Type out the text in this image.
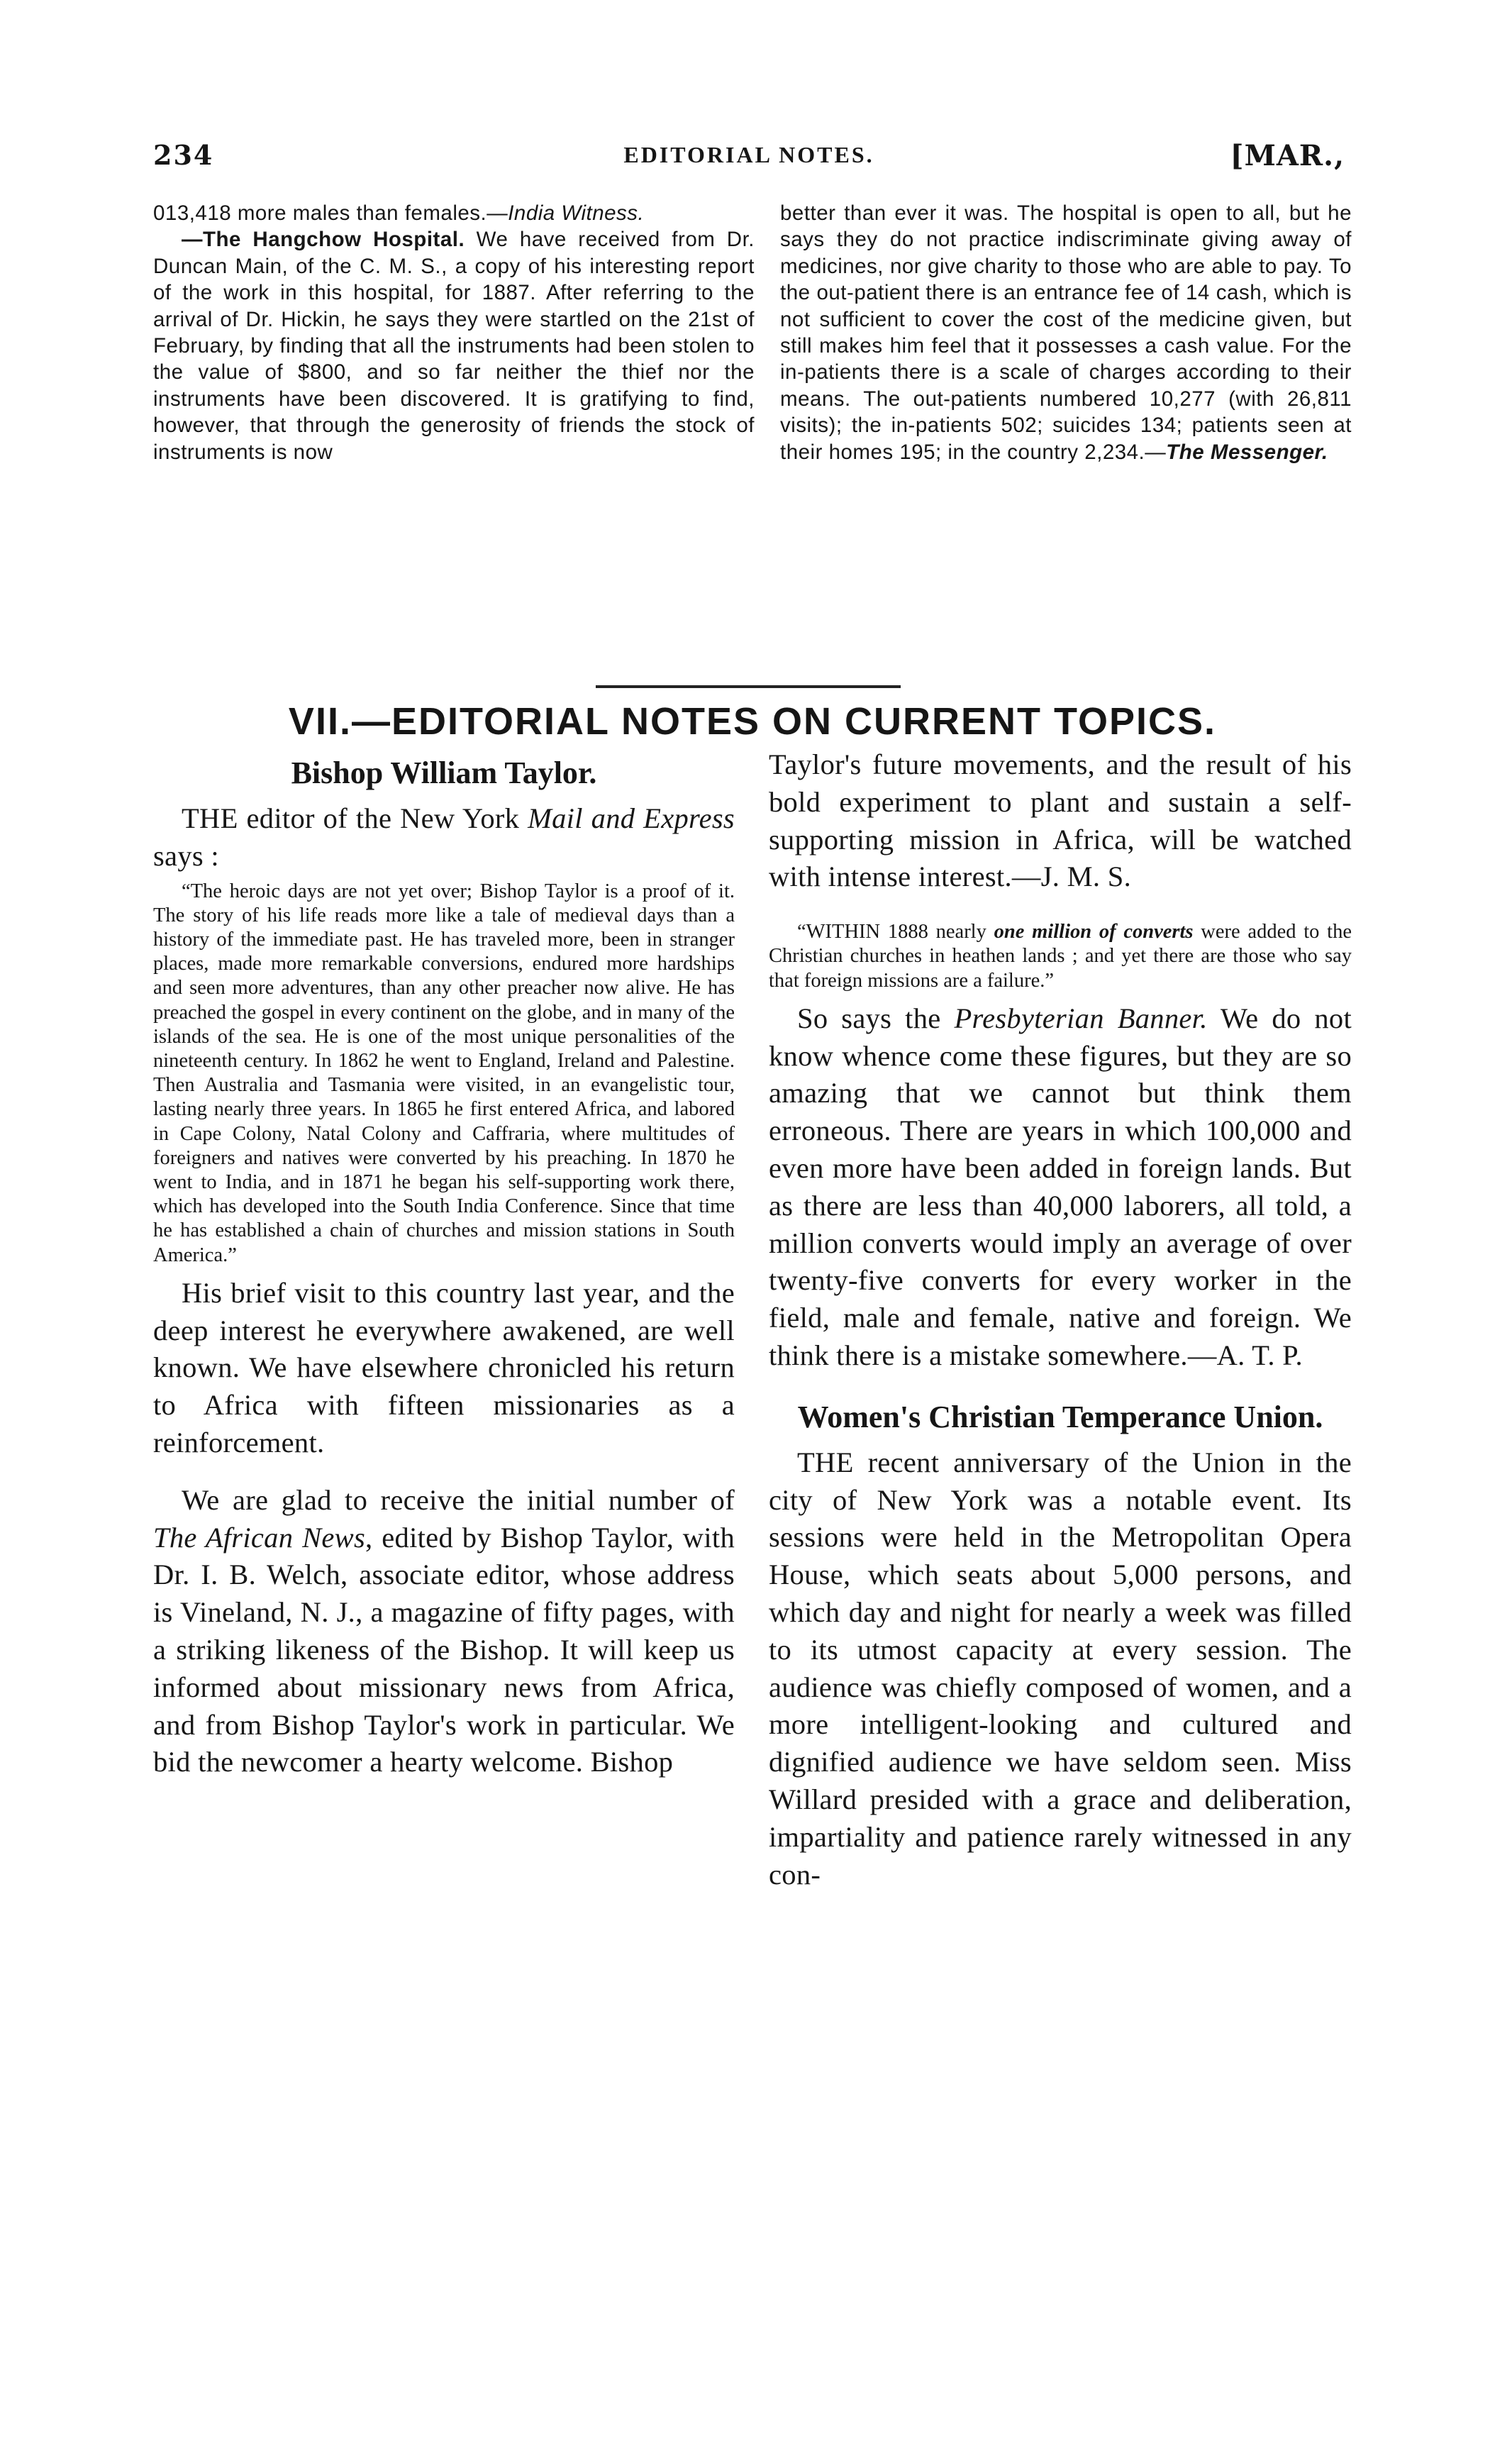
234	EDITORIAL NOTES.	[MAR.,

013,418 more males than females.—India Witness.

—The Hangchow Hospital. We have received from Dr. Duncan Main, of the C. M. S., a copy of his interesting report of the work in this hospital, for 1887. After referring to the arrival of Dr. Hickin, he says they were startled on the 21st of February, by finding that all the instruments had been stolen to the value of $800, and so far neither the thief nor the instruments have been discovered. It is gratifying to find, however, that through the generosity of friends the stock of instruments is now

better than ever it was. The hospital is open to all, but he says they do not practice indiscriminate giving away of medicines, nor give charity to those who are able to pay. To the out-patient there is an entrance fee of 14 cash, which is not sufficient to cover the cost of the medicine given, but still makes him feel that it possesses a cash value. For the in-patients there is a scale of charges according to their means. The out-patients numbered 10,277 (with 26,811 visits); the in-patients 502; suicides 134; patients seen at their homes 195; in the country 2,234.—The Messenger.

VII.—EDITORIAL NOTES ON CURRENT TOPICS.
Bishop William Taylor.

THE editor of the New York Mail and Express says :

“The heroic days are not yet over; Bishop Taylor is a proof of it. The story of his life reads more like a tale of medieval days than a history of the immediate past. He has traveled more, been in stranger places, made more remarkable conversions, endured more hardships and seen more adventures, than any other preacher now alive. He has preached the gospel in every continent on the globe, and in many of the islands of the sea. He is one of the most unique personalities of the nineteenth century. In 1862 he went to England, Ireland and Palestine. Then Australia and Tasmania were visited, in an evangelistic tour, lasting nearly three years. In 1865 he first entered Africa, and labored in Cape Colony, Natal Colony and Caffraria, where multitudes of foreigners and natives were converted by his preaching. In 1870 he went to India, and in 1871 he began his self-supporting work there, which has developed into the South India Conference. Since that time he has established a chain of churches and mission stations in South America.”

His brief visit to this country last year, and the deep interest he everywhere awakened, are well known. We have elsewhere chronicled his return to Africa with fifteen missionaries as a reinforcement.

We are glad to receive the initial number of The African News, edited by Bishop Taylor, with Dr. I. B. Welch, associate editor, whose address is Vineland, N. J., a magazine of fifty pages, with a striking likeness of the Bishop. It will keep us informed about missionary news from Africa, and from Bishop Taylor's work in particular. We bid the newcomer a hearty welcome. Bishop

Taylor's future movements, and the result of his bold experiment to plant and sustain a self-supporting mission in Africa, will be watched with intense interest.—J. M. S.

“WITHIN 1888 nearly one million of converts were added to the Christian churches in heathen lands ; and yet there are those who say that foreign missions are a failure.”

So says the Presbyterian Banner. We do not know whence come these figures, but they are so amazing that we cannot but think them erroneous. There are years in which 100,000 and even more have been added in foreign lands. But as there are less than 40,000 laborers, all told, a million converts would imply an average of over twenty-five converts for every worker in the field, male and female, native and foreign. We think there is a mistake somewhere.—A. T. P.

Women's Christian Temperance Union.

THE recent anniversary of the Union in the city of New York was a notable event. Its sessions were held in the Metropolitan Opera House, which seats about 5,000 persons, and which day and night for nearly a week was filled to its utmost capacity at every session. The audience was chiefly composed of women, and a more intelligent-looking and cultured and dignified audience we have seldom seen. Miss Willard presided with a grace and deliberation, impartiality and patience rarely witnessed in any con-
